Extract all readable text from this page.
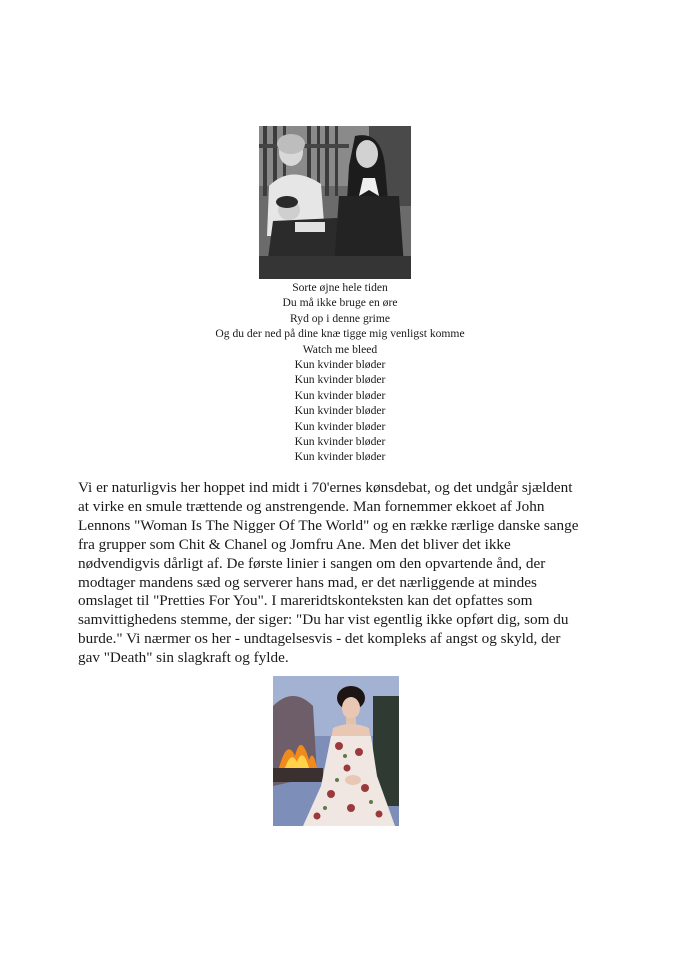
Sorte øjne hele tiden
Du må ikke bruge en øre
Ryd op i denne grime
Og du der ned på dine knæ tigge mig venligst komme
Watch me bleed
Kun kvinder bløder
Kun kvinder bløder
Kun kvinder bløder
Kun kvinder bløder
Kun kvinder bløder
Kun kvinder bløder
Kun kvinder bløder
Vi er naturligvis her hoppet ind midt i 70'ernes kønsdebat, og det undgår sjældent
at virke en smule trættende og anstrengende. Man fornemmer ekkoet af John
Lennons "Woman Is The Nigger Of The World" og en række rærlige danske sange
fra grupper som Chit & Chanel og Jomfru Ane. Men det bliver det ikke
nødvendigvis dårligt af. De første linier i sangen om den opvartende ånd, der
modtager mandens sæd og serverer hans mad, er det nærliggende at mindes
omslaget til "Pretties For You". I mareridtskonteksten kan det opfattes som
samvittighedens stemme, der siger: "Du har vist egentlig ikke opført dig, som du
burde." Vi nærmer os her - undtagelsesvis - det kompleks af angst og skyld, der
gav "Death" sin slagkraft og fylde.
